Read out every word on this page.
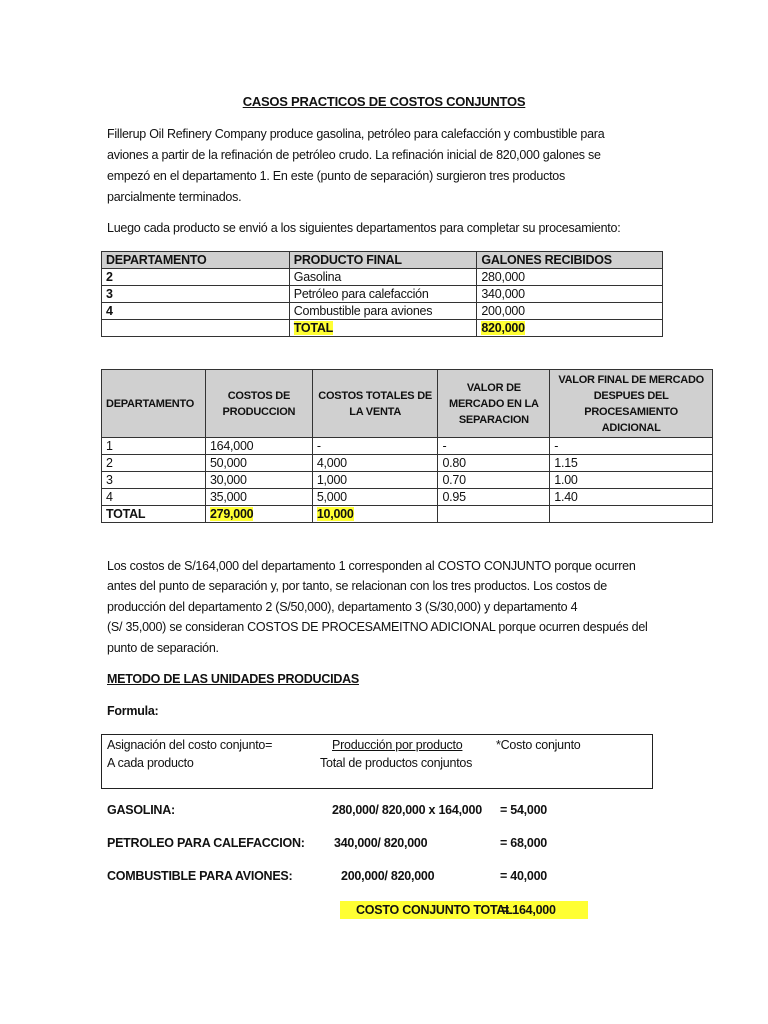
CASOS PRACTICOS DE COSTOS CONJUNTOS
Fillerup Oil Refinery Company produce gasolina, petróleo para calefacción y combustible para
aviones a partir de la refinación de petróleo crudo. La refinación inicial de 820,000 galones se
empezó en el departamento 1. En este (punto de separación) surgieron tres productos
parcialmente terminados.
Luego cada producto se envió a los siguientes departamentos para completar su procesamiento:
DEPARTAMENTO	PRODUCTO FINAL	GALONES RECIBIDOS
2	Gasolina	280,000
3	Petróleo para calefacción	340,000
4	Combustible para aviones	200,000
	TOTAL	820,000
DEPARTAMENTO	COSTOS DE PRODUCCION	COSTOS TOTALES DE LA VENTA	VALOR DE MERCADO EN LA SEPARACION	VALOR FINAL DE MERCADO DESPUES DEL PROCESAMIENTO ADICIONAL
1	164,000	-	-	-
2	50,000	4,000	0.80	1.15
3	30,000	1,000	0.70	1.00
4	35,000	5,000	0.95	1.40
TOTAL	279,000	10,000		
Los costos de S/164,000 del departamento 1 corresponden al COSTO CONJUNTO porque ocurren
antes del punto de separación y, por tanto, se relacionan con los tres productos. Los costos de
producción del departamento 2 (S/50,000), departamento 3 (S/30,000) y departamento 4
(S/ 35,000) se consideran COSTOS DE PROCESAMEITNO ADICIONAL porque ocurren después del
punto de separación.
METODO DE LAS UNIDADES PRODUCIDAS
Formula:
Asignación del costo conjunto=
A cada producto
Producción por producto
Total de productos conjuntos
*Costo conjunto
GASOLINA:	280,000/ 820,000 x 164,000 = 54,000
PETROLEO PARA CALEFACCION: 340,000/ 820,000	= 68,000
COMBUSTIBLE PARA AVIONES:	200,000/ 820,000	= 40,000
COSTO CONJUNTO TOTAL
= 164,000
